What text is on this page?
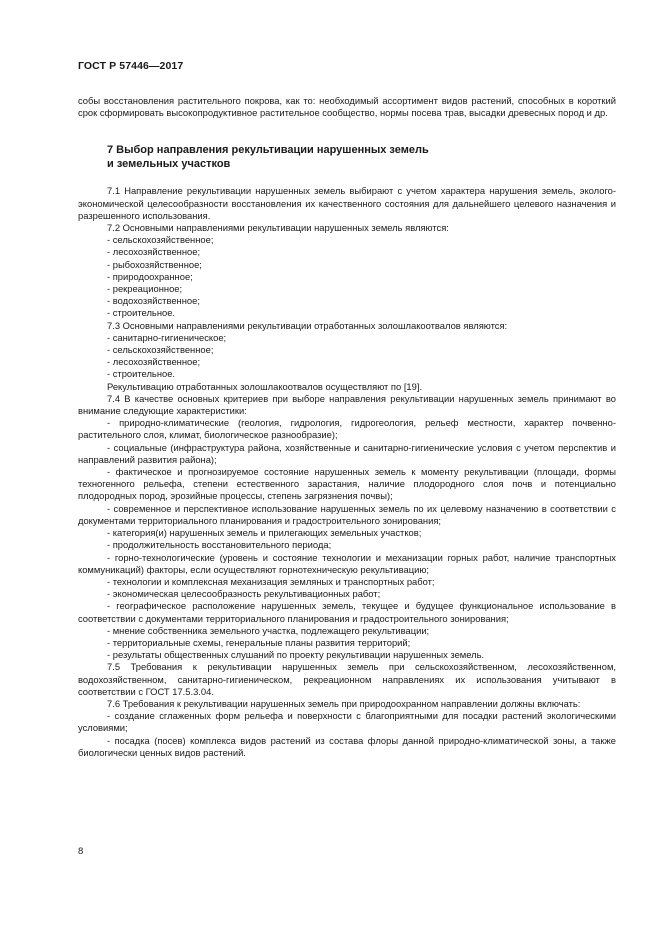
ГОСТ Р 57446—2017

собы восстановления растительного покрова, как то: необходимый ассортимент видов растений, способных в короткий срок сформировать высокопродуктивное растительное сообщество, нормы посева трав, высадки древесных пород и др.

7 Выбор направления рекультивации нарушенных земель
и земельных участков

7.1 Направление рекультивации нарушенных земель выбирают с учетом характера нарушения земель, эколого-экономической целесообразности восстановления их качественного состояния для дальнейшего целевого назначения и разрешенного использования.

7.2 Основными направлениями рекультивации нарушенных земель являются:

- сельскохозяйственное;

- лесохозяйственное;

- рыбохозяйственное;

- природоохранное;

- рекреационное;

- водохозяйственное;

- строительное.

7.3 Основными направлениями рекультивации отработанных золошлакоотвалов являются:

- санитарно-гигиеническое;

- сельскохозяйственное;

- лесохозяйственное;

- строительное.

Рекультивацию отработанных золошлакоотвалов осуществляют по [19].

7.4 В качестве основных критериев при выборе направления рекультивации нарушенных земель принимают во внимание следующие характеристики:

- природно-климатические (геология, гидрология, гидрогеология, рельеф местности, характер почвенно-растительного слоя, климат, биологическое разнообразие);

- социальные (инфраструктура района, хозяйственные и санитарно-гигиенические условия с учетом перспектив и направлений развития района);

- фактическое и прогнозируемое состояние нарушенных земель к моменту рекультивации (площади, формы техногенного рельефа, степени естественного зарастания, наличие плодородного слоя почв и потенциально плодородных пород, эрозийные процессы, степень загрязнения почвы);

- современное и перспективное использование нарушенных земель по их целевому назначению в соответствии с документами территориального планирования и градостроительного зонирования;

- категория(и) нарушенных земель и прилегающих земельных участков;

- продолжительность восстановительного периода;

- горно-технологические (уровень и состояние технологии и механизации горных работ, наличие транспортных коммуникаций) факторы, если осуществляют горнотехническую рекультивацию;

- технологии и комплексная механизация земляных и транспортных работ;

- экономическая целесообразность рекультивационных работ;

- географическое расположение нарушенных земель, текущее и будущее функциональное использование в соответствии с документами территориального планирования и градостроительного зонирования;

- мнение собственника земельного участка, подлежащего рекультивации;

- территориальные схемы, генеральные планы развития территорий;

- результаты общественных слушаний по проекту рекультивации нарушенных земель.

7.5 Требования к рекультивации нарушенных земель при сельскохозяйственном, лесохозяйственном, водохозяйственном, санитарно-гигиеническом, рекреационном направлениях их использования учитывают в соответствии с ГОСТ 17.5.3.04.

7.6 Требования к рекультивации нарушенных земель при природоохранном направлении должны включать:

- создание сглаженных форм рельефа и поверхности с благоприятными для посадки растений экологическими условиями;

- посадка (посев) комплекса видов растений из состава флоры данной природно-климатической зоны, а также биологически ценных видов растений.

8
